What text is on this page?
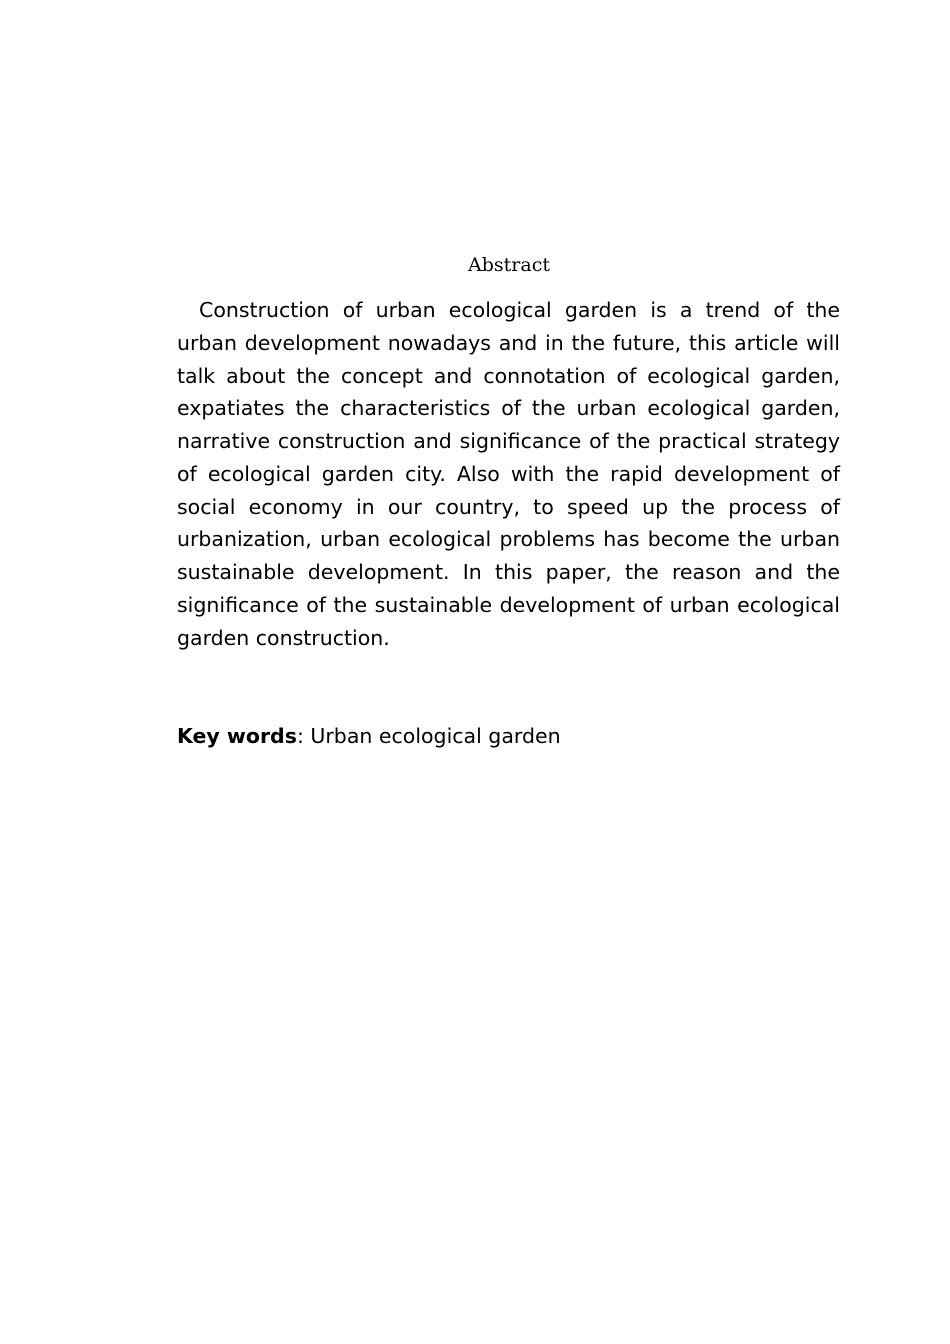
Abstract

Construction of urban ecological garden is a trend of the urban development nowadays and in the future, this article will talk about the concept and connotation of ecological garden, expatiates the characteristics of the urban ecological garden, narrative construction and significance of the practical strategy of ecological garden city. Also with the rapid development of social economy in our country, to speed up the process of urbanization, urban ecological problems has become the urban sustainable development. In this paper, the reason and the significance of the sustainable development of urban ecological garden construction.

Key words: Urban ecological garden
